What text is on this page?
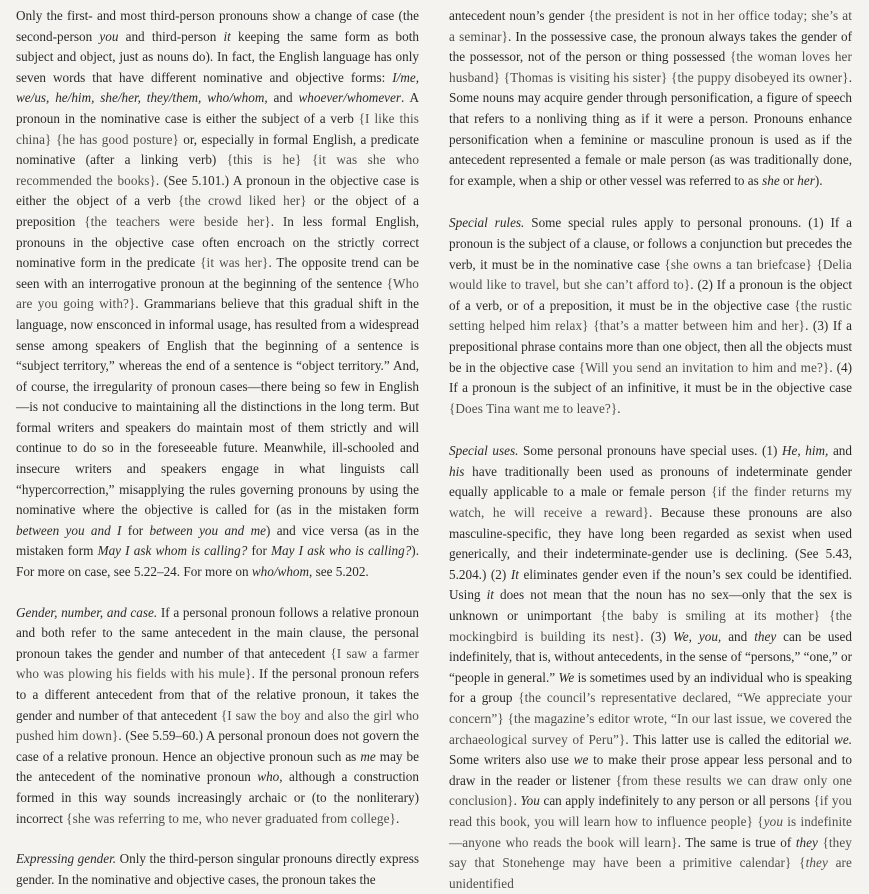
Only the first- and most third-person pronouns show a change of case (the second-person you and third-person it keeping the same form as both subject and object, just as nouns do). In fact, the English language has only seven words that have different nominative and objective forms: I/me, we/us, he/him, she/her, they/them, who/whom, and whoever/whomever. A pronoun in the nominative case is either the subject of a verb {I like this china} {he has good posture} or, especially in formal English, a predicate nominative (after a linking verb) {this is he} {it was she who recommended the books}. (See 5.101.) A pronoun in the objective case is either the object of a verb {the crowd liked her} or the object of a preposition {the teachers were beside her}. In less formal English, pronouns in the objective case often encroach on the strictly correct nominative form in the predicate {it was her}. The opposite trend can be seen with an interrogative pronoun at the beginning of the sentence {Who are you going with?}. Grammarians believe that this gradual shift in the language, now ensconced in informal usage, has resulted from a widespread sense among speakers of English that the beginning of a sentence is “subject territory,” whereas the end of a sentence is “object territory.” And, of course, the irregularity of pronoun cases—there being so few in English—is not conducive to maintaining all the distinctions in the long term. But formal writers and speakers do maintain most of them strictly and will continue to do so in the foreseeable future. Meanwhile, ill-schooled and insecure writers and speakers engage in what linguists call “hypercorrection,” misapplying the rules governing pronouns by using the nominative where the objective is called for (as in the mistaken form between you and I for between you and me) and vice versa (as in the mistaken form May I ask whom is calling? for May I ask who is calling?). For more on case, see 5.22–24. For more on who/whom, see 5.202.

Gender, number, and case. If a personal pronoun follows a relative pronoun and both refer to the same antecedent in the main clause, the personal pronoun takes the gender and number of that antecedent {I saw a farmer who was plowing his fields with his mule}. If the personal pronoun refers to a different antecedent from that of the relative pronoun, it takes the gender and number of that antecedent {I saw the boy and also the girl who pushed him down}. (See 5.59–60.) A personal pronoun does not govern the case of a relative pronoun. Hence an objective pronoun such as me may be the antecedent of the nominative pronoun who, although a construction formed in this way sounds increasingly archaic or (to the nonliterary) incorrect {she was referring to me, who never graduated from college}.

Expressing gender. Only the third-person singular pronouns directly express gender. In the nominative and objective cases, the pronoun takes the

antecedent noun’s gender {the president is not in her office today; she’s at a seminar}. In the possessive case, the pronoun always takes the gender of the possessor, not of the person or thing possessed {the woman loves her husband} {Thomas is visiting his sister} {the puppy disobeyed its owner}. Some nouns may acquire gender through personification, a figure of speech that refers to a nonliving thing as if it were a person. Pronouns enhance personification when a feminine or masculine pronoun is used as if the antecedent represented a female or male person (as was traditionally done, for example, when a ship or other vessel was referred to as she or her).

Special rules. Some special rules apply to personal pronouns. (1) If a pronoun is the subject of a clause, or follows a conjunction but precedes the verb, it must be in the nominative case {she owns a tan briefcase} {Delia would like to travel, but she can’t afford to}. (2) If a pronoun is the object of a verb, or of a preposition, it must be in the objective case {the rustic setting helped him relax} {that’s a matter between him and her}. (3) If a prepositional phrase contains more than one object, then all the objects must be in the objective case {Will you send an invitation to him and me?}. (4) If a pronoun is the subject of an infinitive, it must be in the objective case {Does Tina want me to leave?}.

Special uses. Some personal pronouns have special uses. (1) He, him, and his have traditionally been used as pronouns of indeterminate gender equally applicable to a male or female person {if the finder returns my watch, he will receive a reward}. Because these pronouns are also masculine-specific, they have long been regarded as sexist when used generically, and their indeterminate-gender use is declining. (See 5.43, 5.204.) (2) It eliminates gender even if the noun’s sex could be identified. Using it does not mean that the noun has no sex—only that the sex is unknown or unimportant {the baby is smiling at its mother} {the mockingbird is building its nest}. (3) We, you, and they can be used indefinitely, that is, without antecedents, in the sense of “persons,” “one,” or “people in general.” We is sometimes used by an individual who is speaking for a group {the council’s representative declared, “We appreciate your concern”} {the magazine’s editor wrote, “In our last issue, we covered the archaeological survey of Peru”}. This latter use is called the editorial we. Some writers also use we to make their prose appear less personal and to draw in the reader or listener {from these results we can draw only one conclusion}. You can apply indefinitely to any person or all persons {if you read this book, you will learn how to influence people} {you is indefinite—anyone who reads the book will learn}. The same is true of they {they say that Stonehenge may have been a primitive calendar} {they are unidentified
